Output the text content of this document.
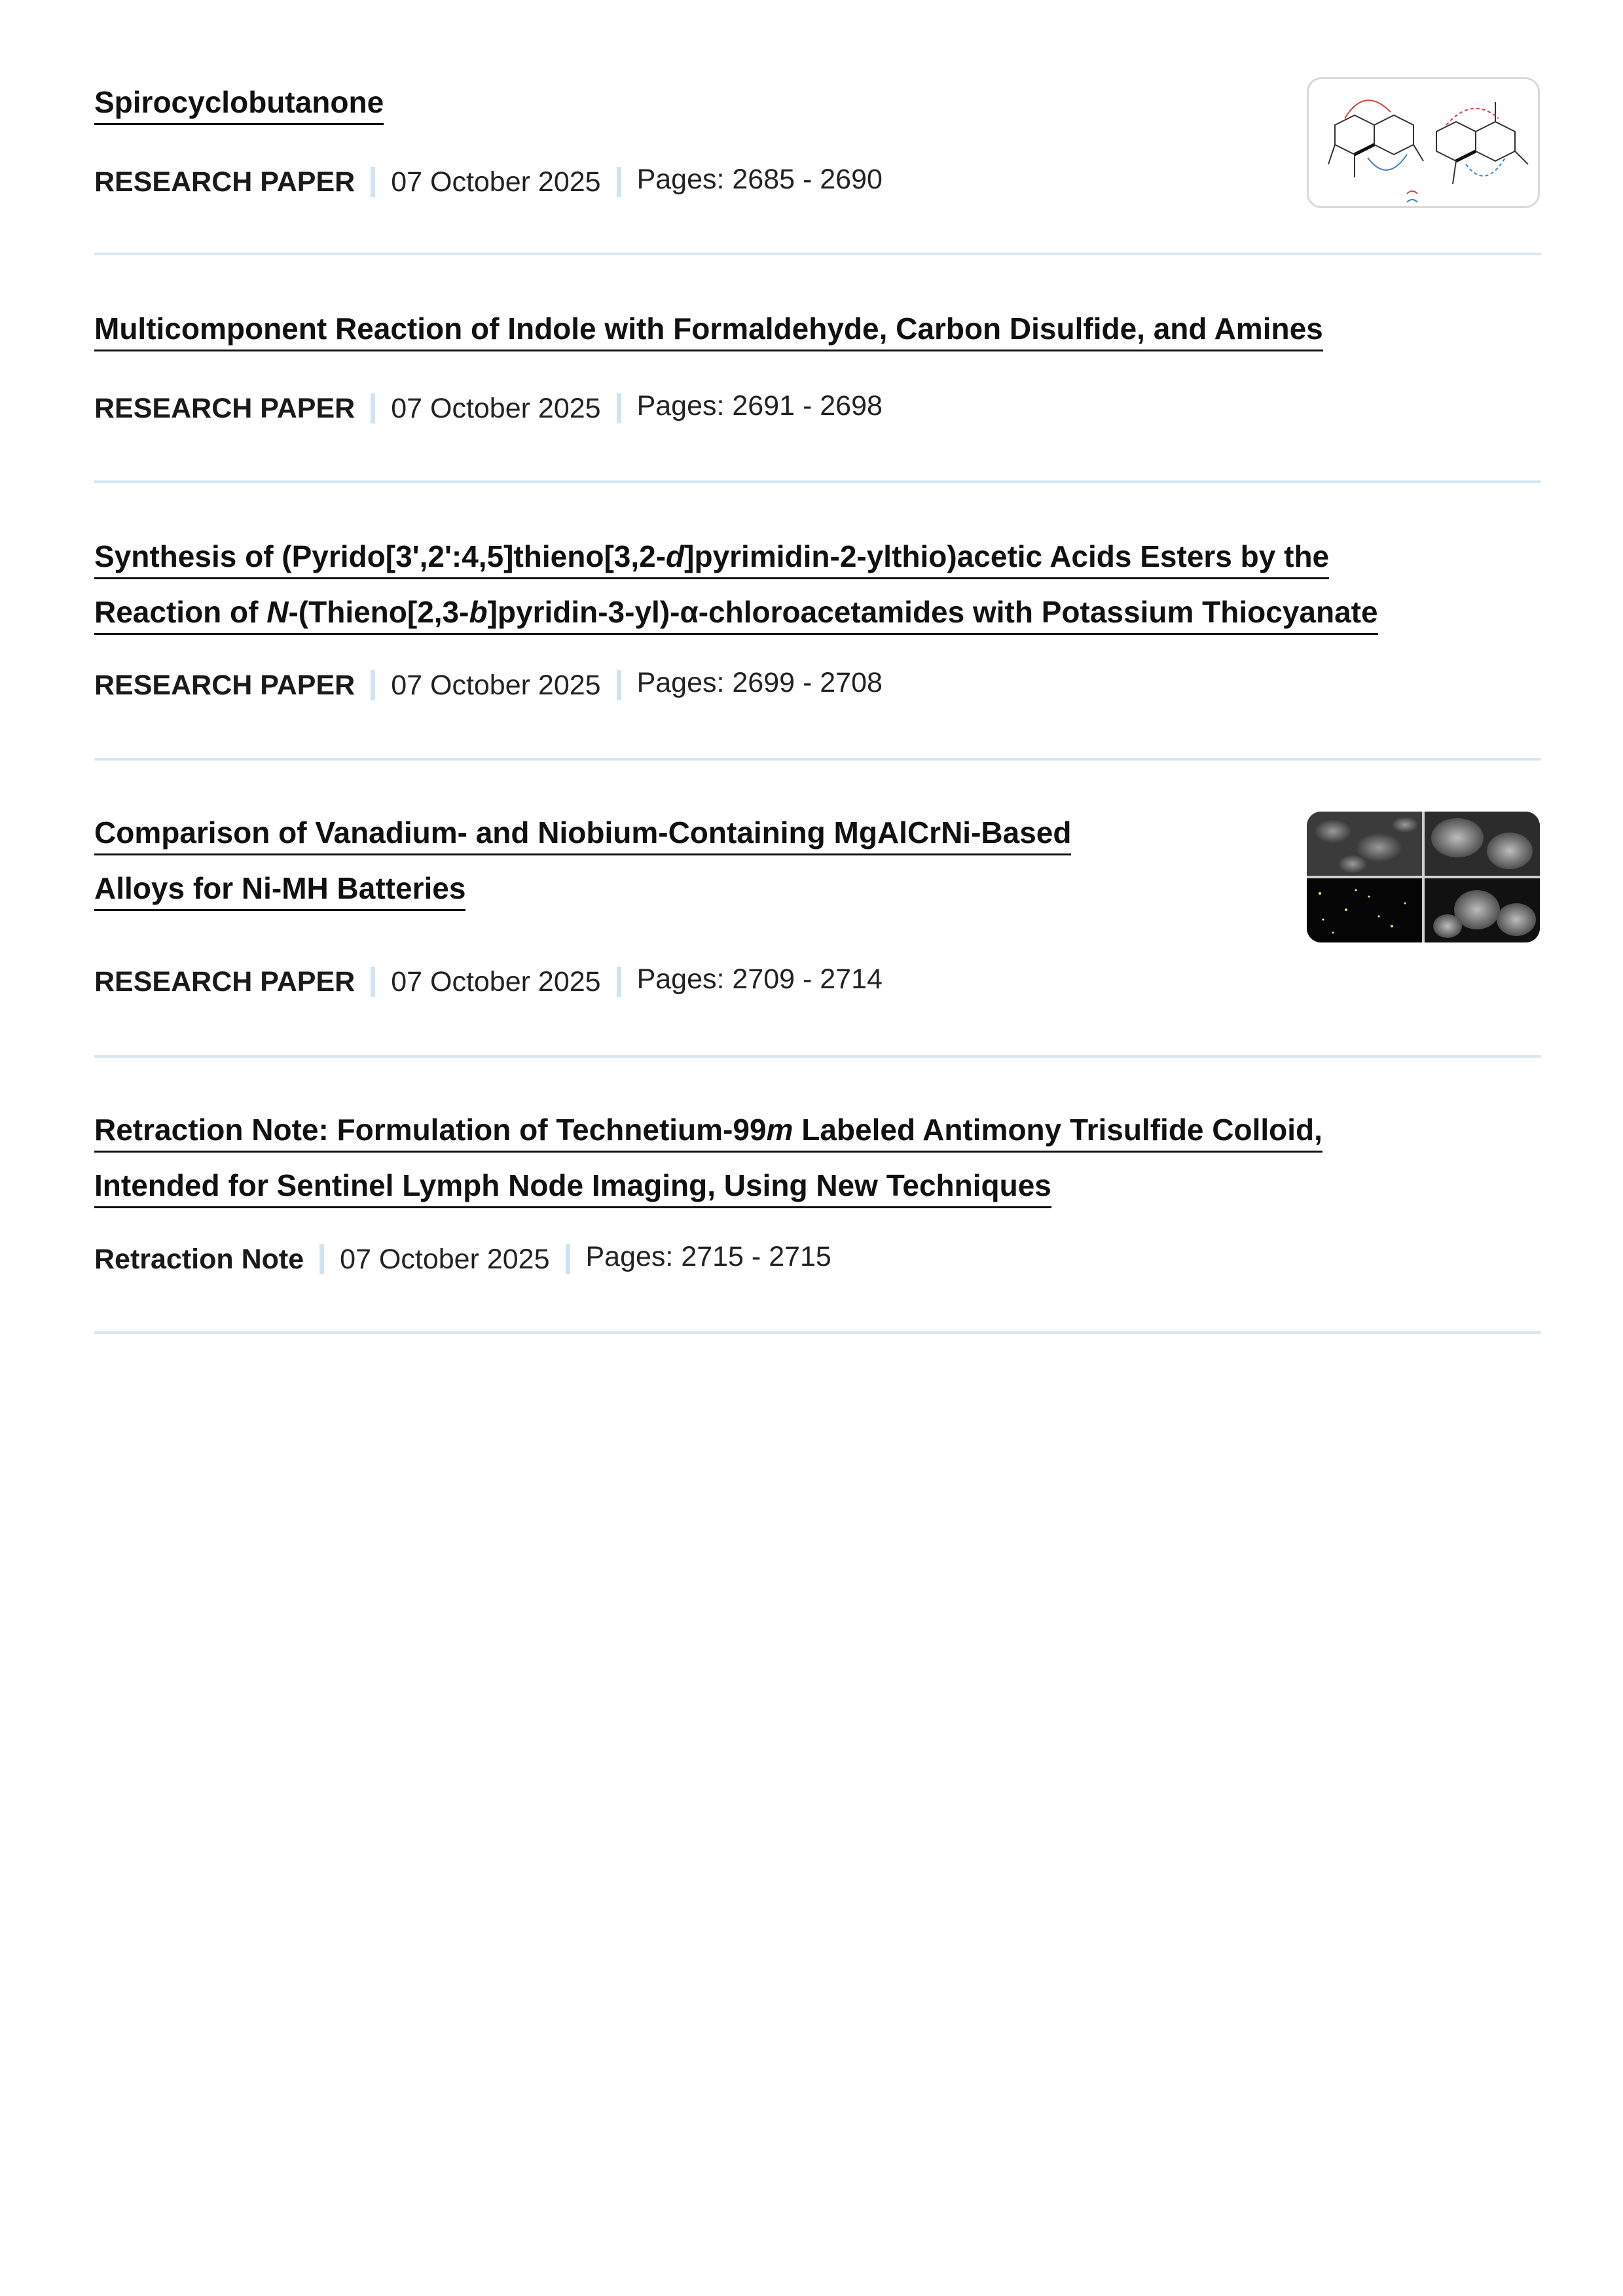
Spirocyclobutanone
RESEARCH PAPER 07 October 2025 Pages: 2685 - 2690
Multicomponent Reaction of Indole with Formaldehyde, Carbon Disulfide, and Amines
RESEARCH PAPER 07 October 2025 Pages: 2691 - 2698
Synthesis of (Pyrido[3',2':4,5]thieno[3,2-d]pyrimidin-2-ylthio)acetic Acids Esters by the
Reaction of N-(Thieno[2,3-b]pyridin-3-yl)-α-chloroacetamides with Potassium Thiocyanate
RESEARCH PAPER 07 October 2025 Pages: 2699 - 2708
Comparison of Vanadium- and Niobium-Containing MgAlCrNi-Based
Alloys for Ni-MH Batteries
RESEARCH PAPER 07 October 2025 Pages: 2709 - 2714
Retraction Note: Formulation of Technetium-99m Labeled Antimony Trisulfide Colloid,
Intended for Sentinel Lymph Node Imaging, Using New Techniques
Retraction Note 07 October 2025 Pages: 2715 - 2715
